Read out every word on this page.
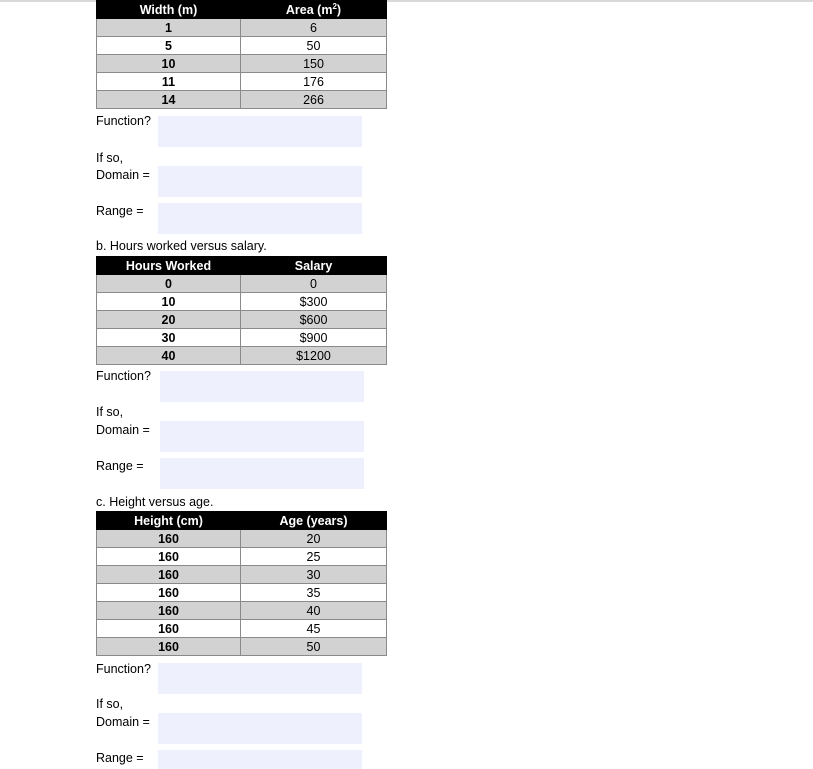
Width (m)	Area $(m^2)$
1	6
5	50
10	150
11	176
14	266
Function?
If so,
Domain =
Range =
b. Hours worked versus salary.
Hours Worked	Salary
0	0
10	$300
20	$600
30	$900
40	$1200
Function?
If so,
Domain =
Range =
c. Height versus age.
Height (cm)	Age (years)
160	20
160	25
160	30
160	35
160	40
160	45
160	50
Function?
If so,
Domain =
Range =
